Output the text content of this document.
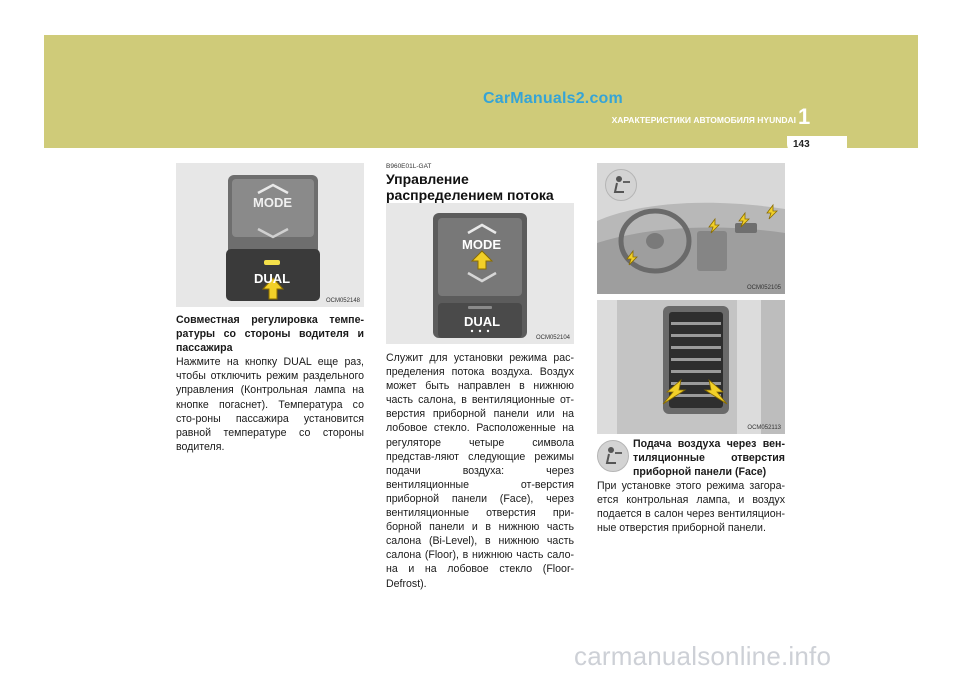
CarManuals2.com
ХАРАКТЕРИСТИКИ АВТОМОБИЛЯ HYUNDAI 1
143
MODE
DUAL
OCM052148
Совместная регулировка темпе-ратуры со стороны водителя и пассажира
Нажмите на кнопку DUAL еще раз, чтобы отключить режим раздельного управления (Контрольная лампа на кнопке погаснет). Температура со сто-роны пассажира установится равной температуре со стороны водителя.
B960E01L-GAT
Управление распределением потока
MODE
DUAL
OCM052104
Служит для установки режима рас-пределения потока воздуха. Воздух может быть направлен в нижнюю часть салона, в вентиляционные от-верстия приборной панели или на лобовое стекло. Расположенные на регуляторе четыре символа представ-ляют следующие режимы подачи воздуха: через вентиляционные от-верстия приборной панели (Face), через вентиляционные отверстия при-борной панели и в нижнюю часть салона (Bi-Level), в нижнюю часть салона (Floor), в нижнюю часть сало-на и на лобовое стекло (Floor-Defrost).
OCM052105
OCM052113
Подача воздуха через вен-тиляционные отверстия приборной панели (Face)
При установке этого режима загора-ется контрольная лампа, и воздух подается в салон через вентиляцион-ные отверстия приборной панели.
carmanualsonline.info
